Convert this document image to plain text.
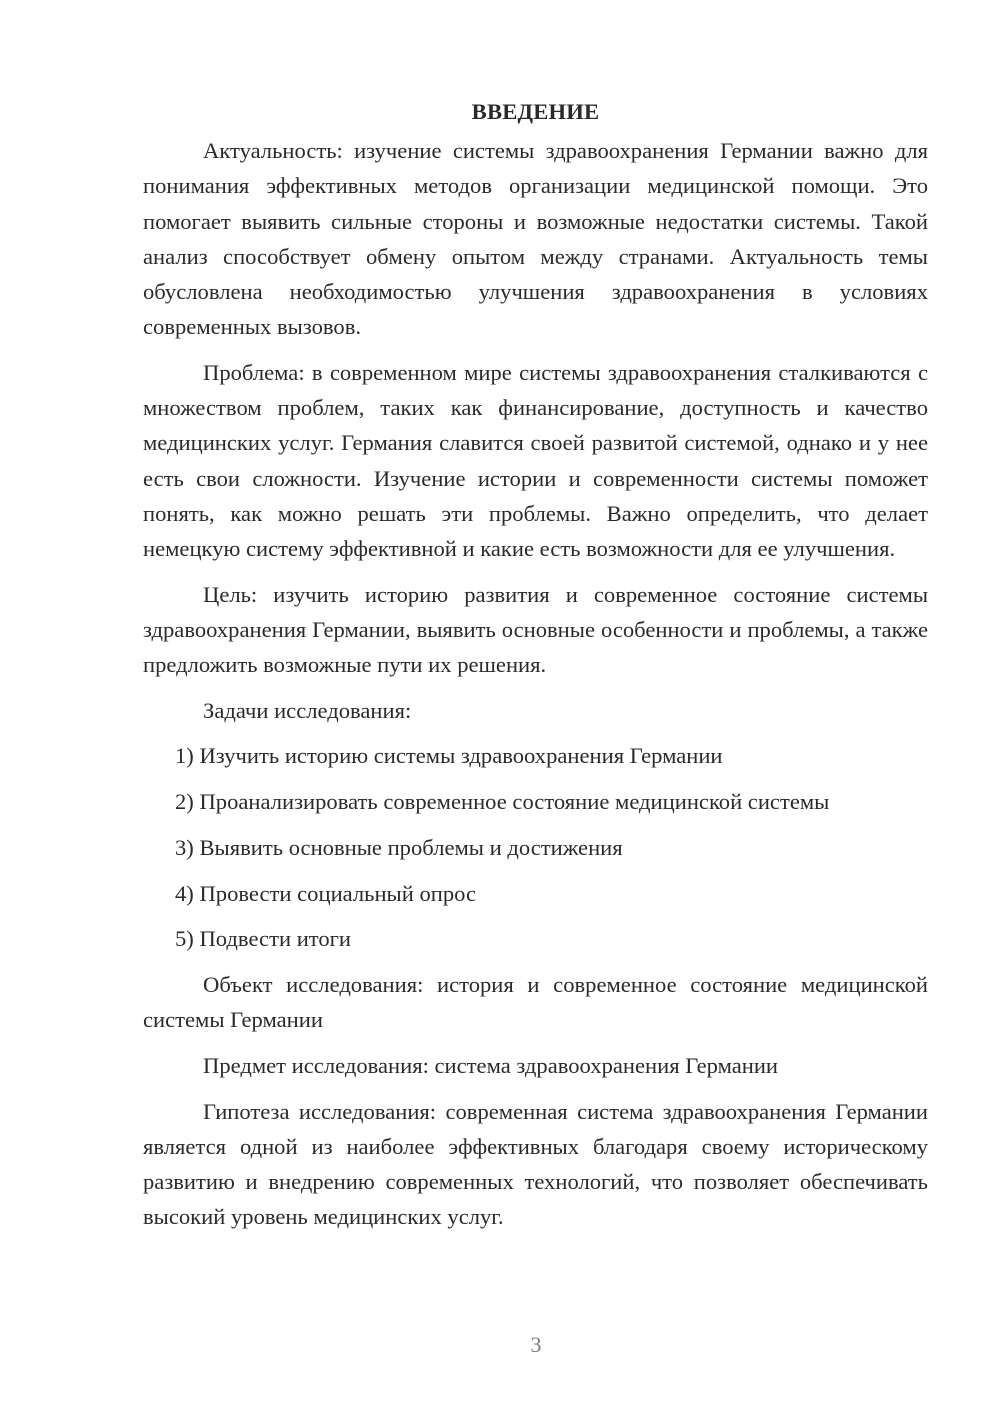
ВВЕДЕНИЕ

Актуальность: изучение системы здравоохранения Германии важно для понимания эффективных методов организации медицинской помощи. Это помогает выявить сильные стороны и возможные недостатки системы. Такой анализ способствует обмену опытом между странами. Актуальность темы обусловлена необходимостью улучшения здравоохранения в условиях современных вызовов.

Проблема: в современном мире системы здравоохранения сталкиваются с множеством проблем, таких как финансирование, доступность и качество медицинских услуг. Германия славится своей развитой системой, однако и у нее есть свои сложности. Изучение истории и современности системы поможет понять, как можно решать эти проблемы. Важно определить, что делает немецкую систему эффективной и какие есть возможности для ее улучшения.

Цель: изучить историю развития и современное состояние системы здравоохранения Германии, выявить основные особенности и проблемы, а также предложить возможные пути их решения.

Задачи исследования:

1) Изучить историю системы здравоохранения Германии
2) Проанализировать современное состояние медицинской системы
3) Выявить основные проблемы и достижения
4) Провести социальный опрос
5) Подвести итоги

Объект исследования: история и современное состояние медицинской системы Германии

Предмет исследования: система здравоохранения Германии

Гипотеза исследования: современная система здравоохранения Германии является одной из наиболее эффективных благодаря своему историческому развитию и внедрению современных технологий, что позволяет обеспечивать высокий уровень медицинских услуг.

3
